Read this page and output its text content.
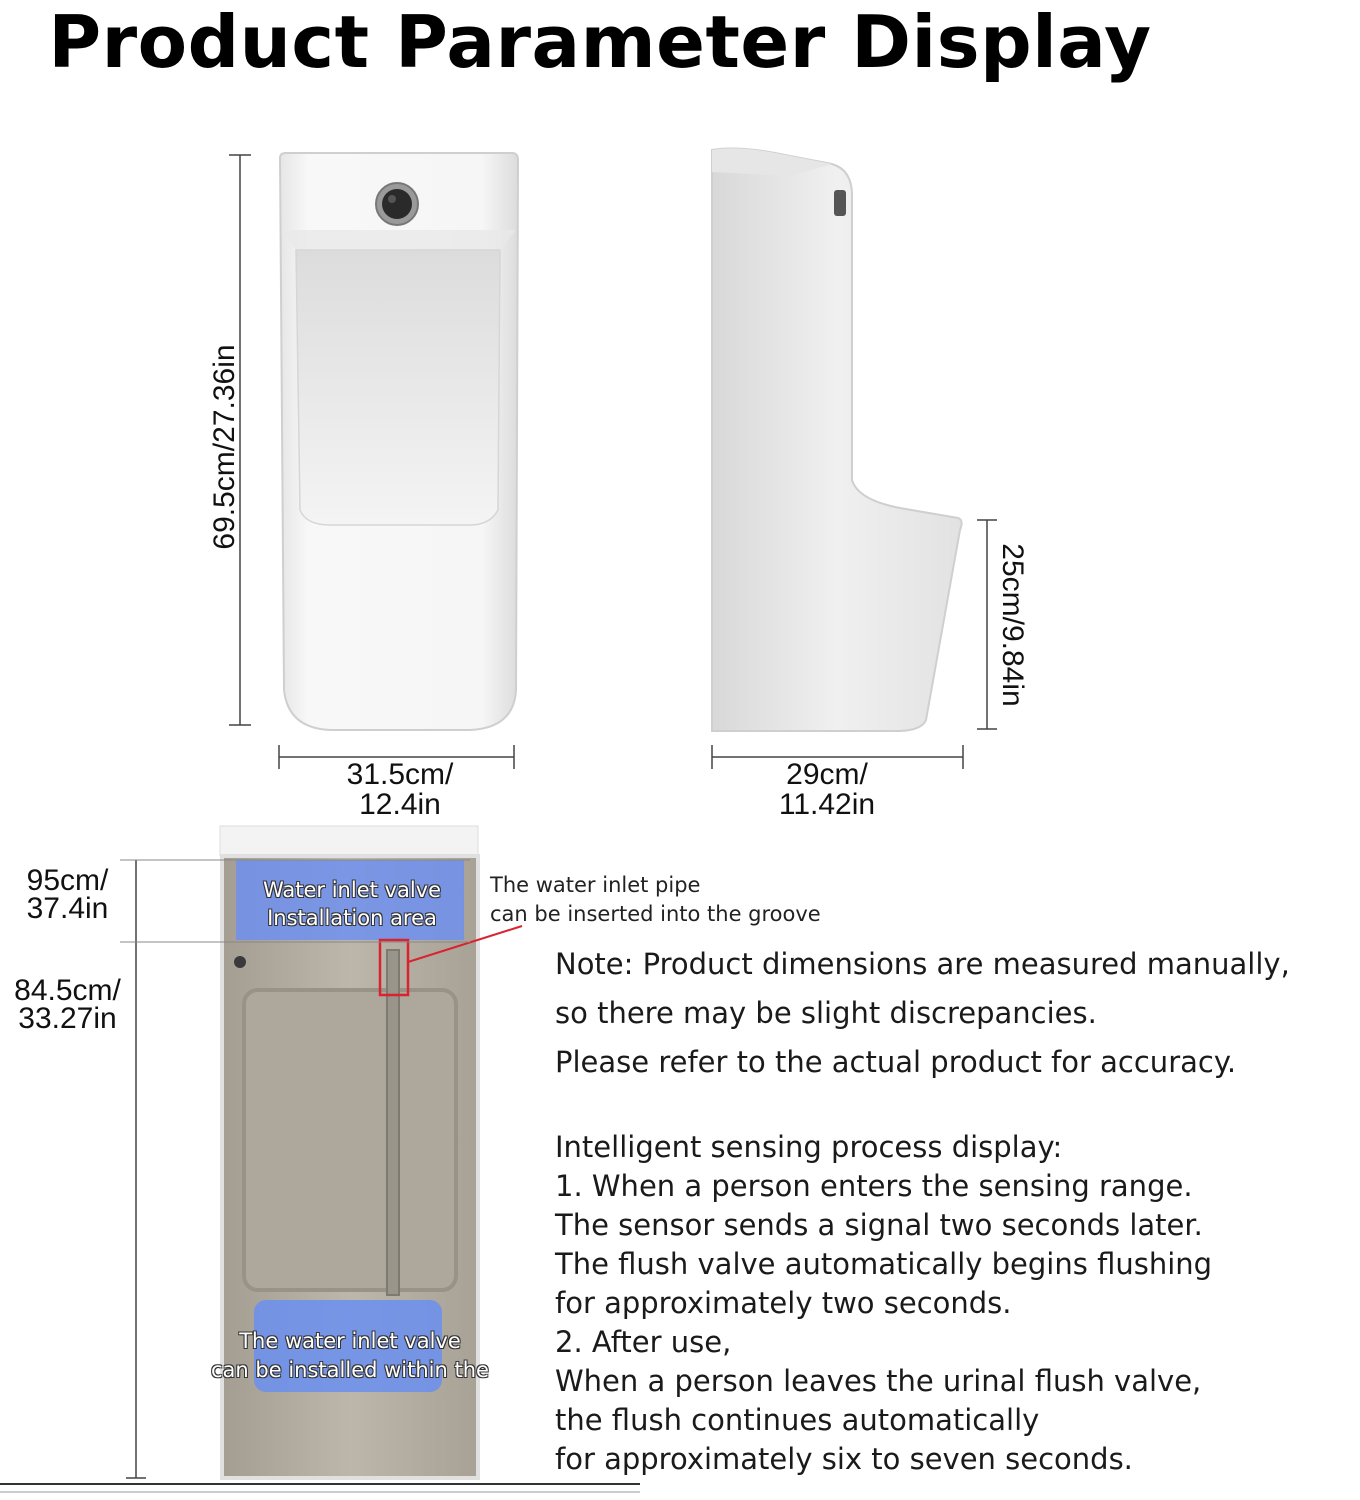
Product Parameter Display
69.5cm/27.36in
31.5cm/
12.4in
29cm/
11.42in
25cm/9.84in
95cm/
37.4in
84.5cm/
33.27in
Water inlet valve
Installation area
The water inlet valve
can be installed within the
The water inlet pipe
can be inserted into the groove
Note: Product dimensions are measured manually,
so there may be slight discrepancies.
Please refer to the actual product for accuracy.
Intelligent sensing process display:
1. When a person enters the sensing range.
The sensor sends a signal two seconds later.
The flush valve automatically begins flushing
for approximately two seconds.
2. After use,
When a person leaves the urinal flush valve,
the flush continues automatically
for approximately six to seven seconds.
